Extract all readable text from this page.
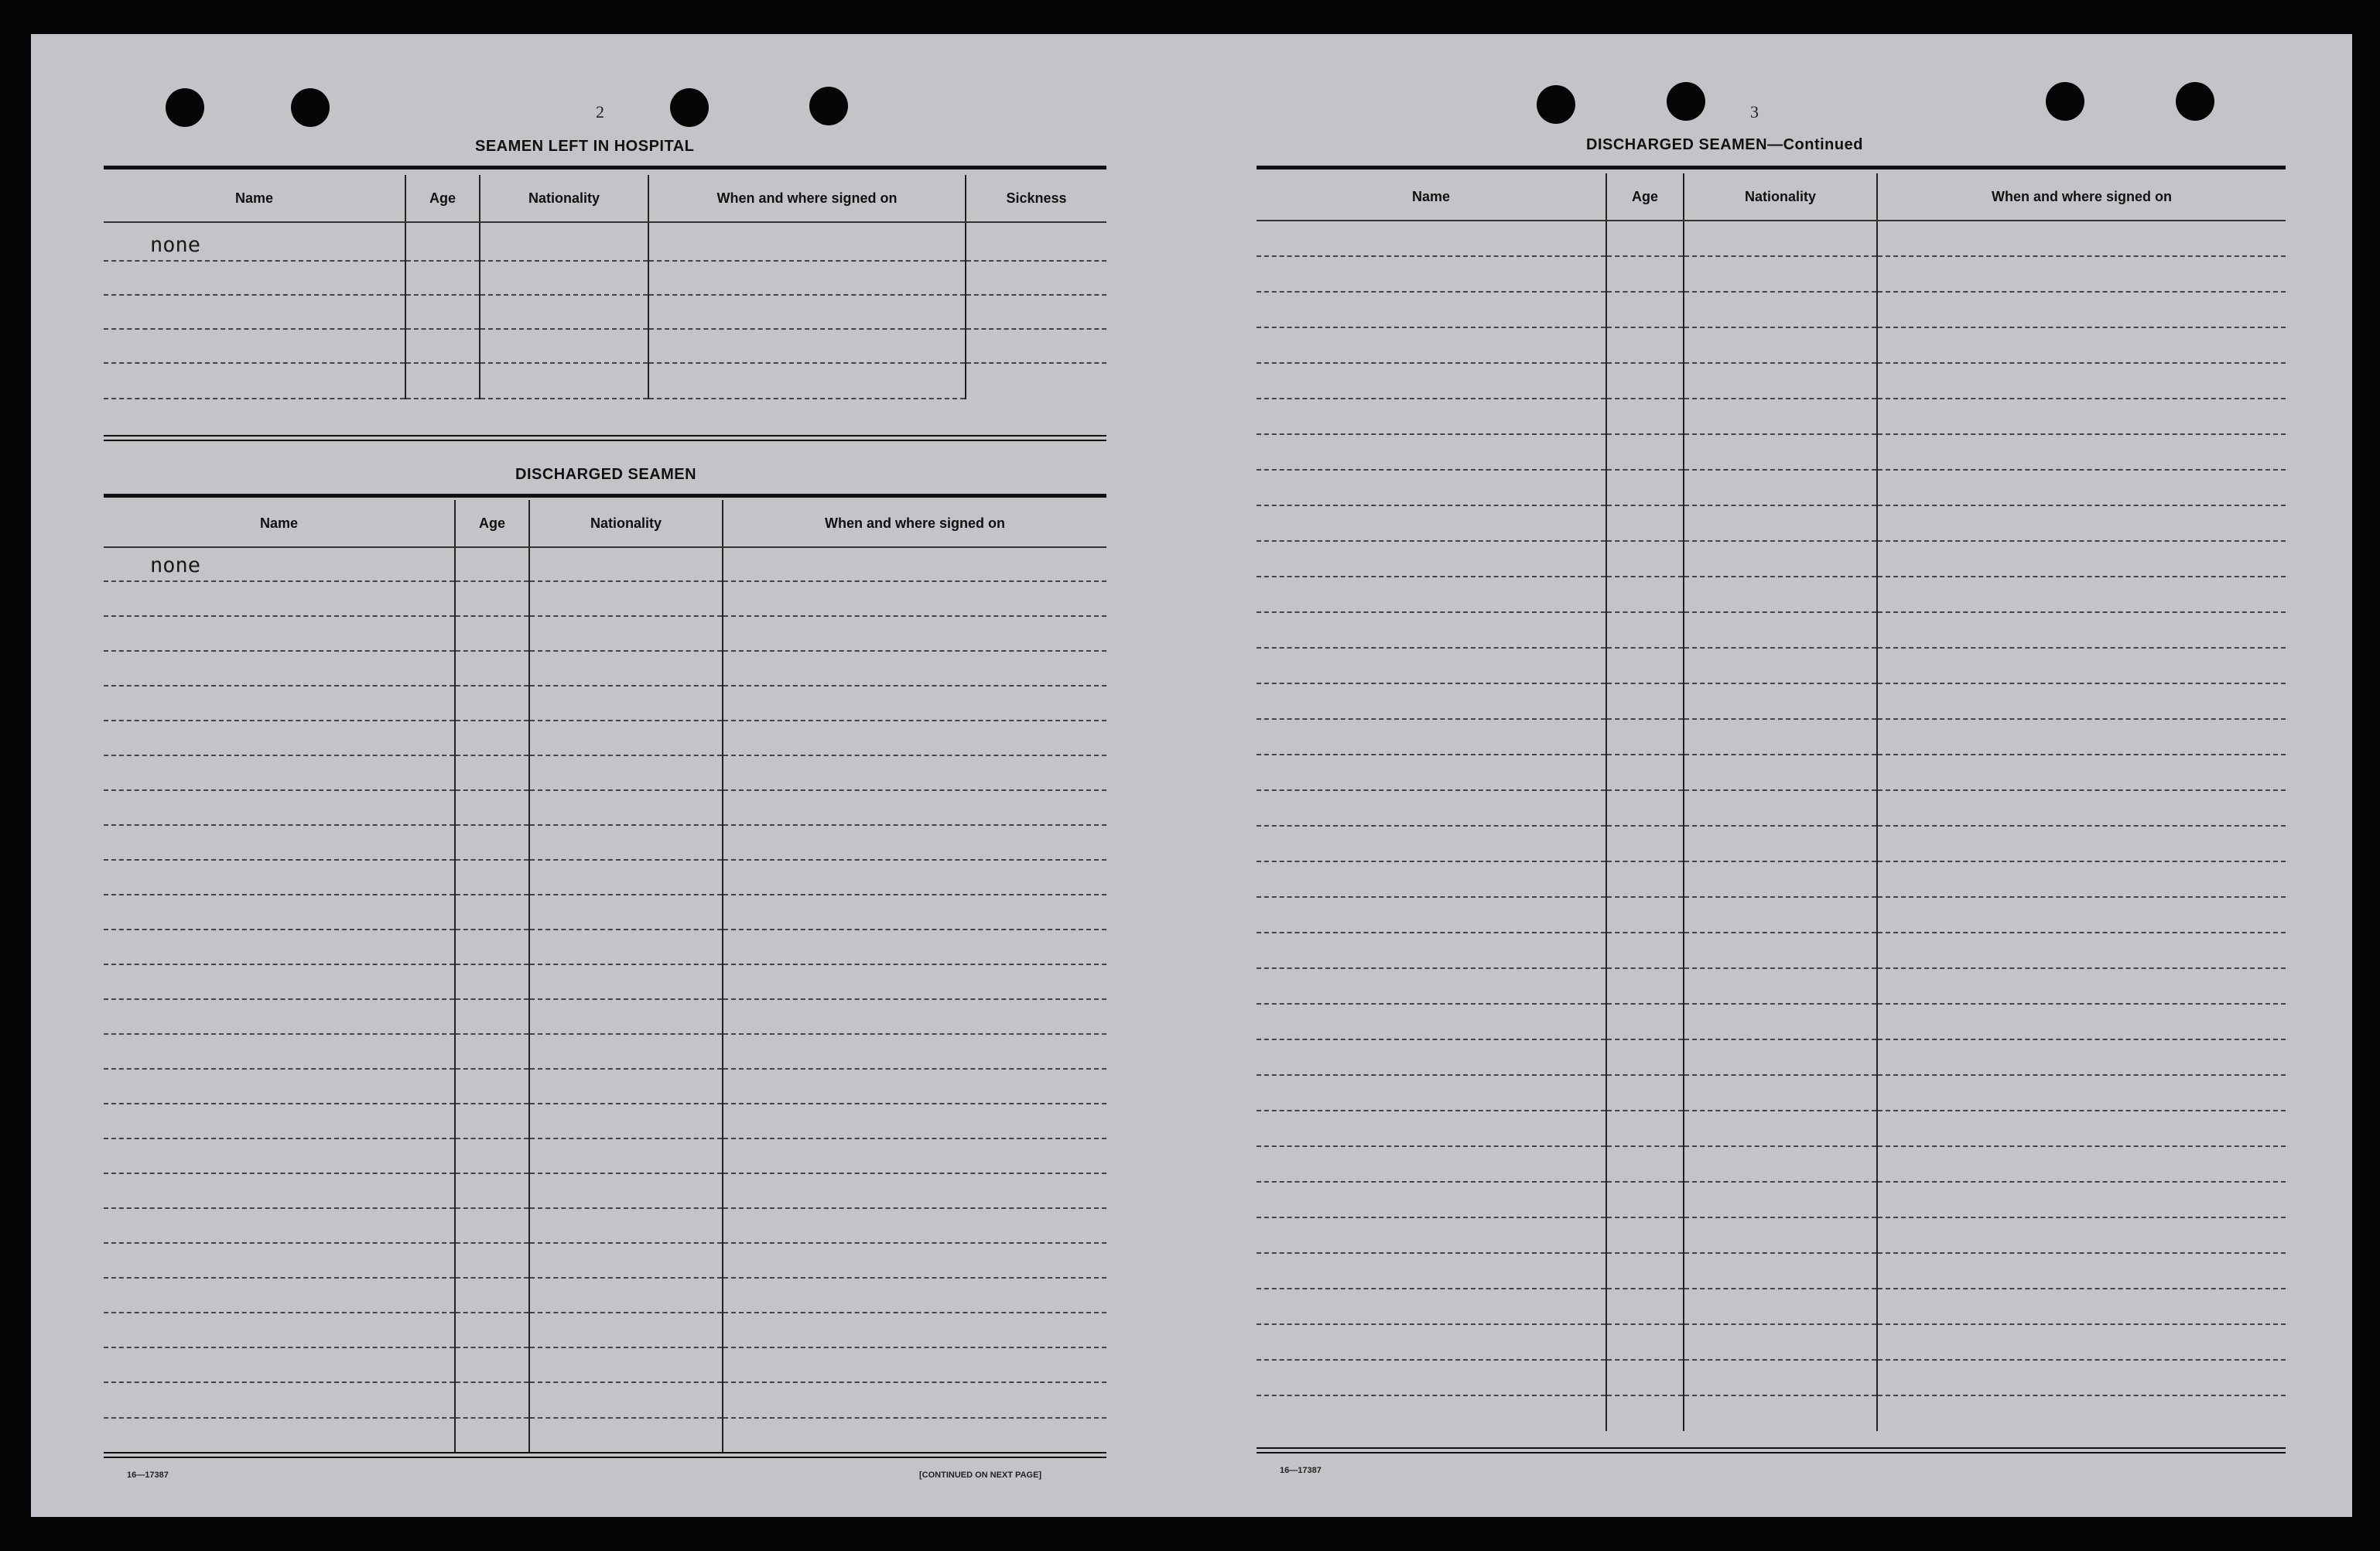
2
SEAMEN LEFT IN HOSPITAL
Name	Age	Nationality	When and where signed on	Sickness

none				

DISCHARGED SEAMEN
Name	Age	Nationality	When and where signed on

none			

16—17387	[CONTINUED ON NEXT PAGE]
3
DISCHARGED SEAMEN—Continued
Name	Age	Nationality	When and where signed on

16—17387
